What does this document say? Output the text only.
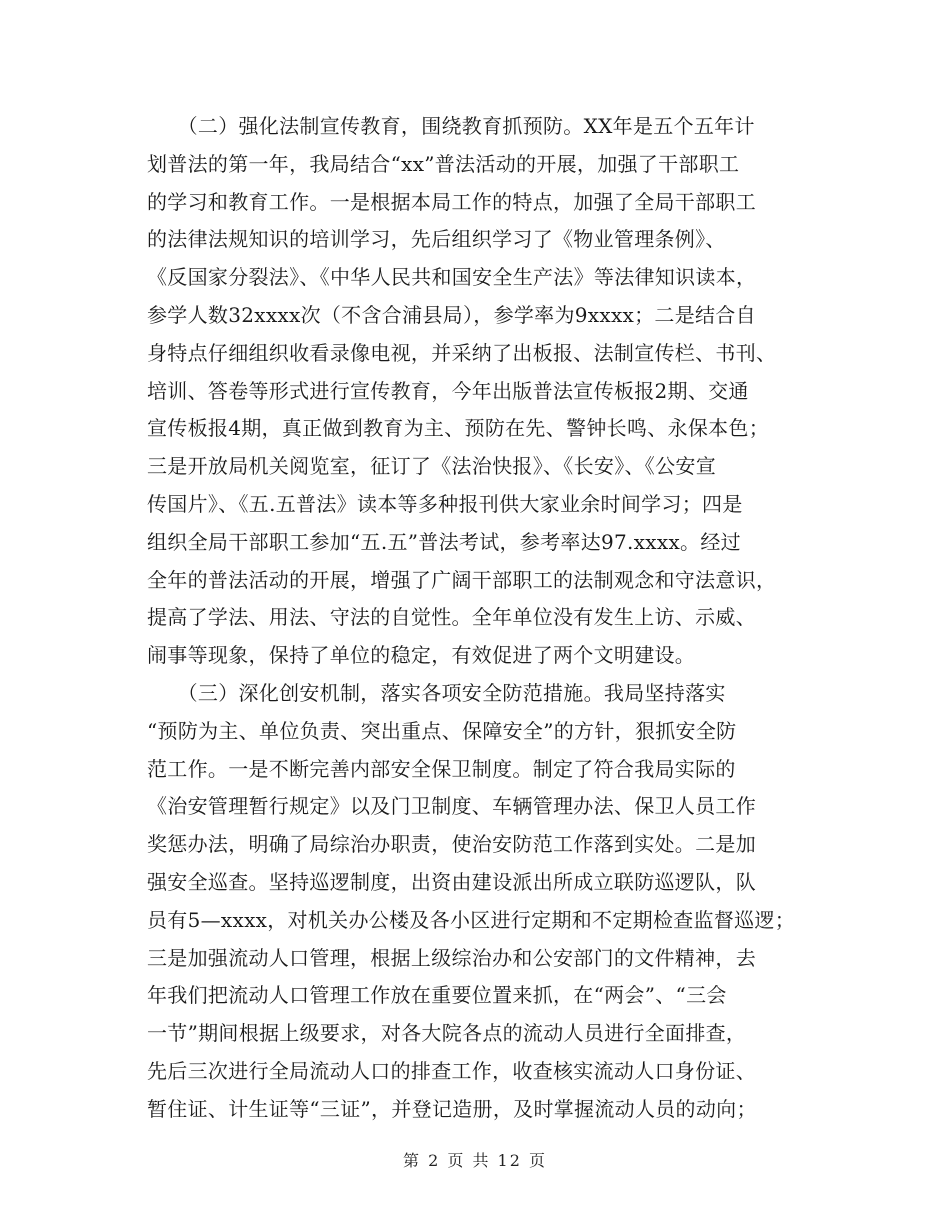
　　（二）强化法制宣传教育，围绕教育抓预防。XX年是五个五年计
划普法的第一年，我局结合“xx”普法活动的开展，加强了干部职工
的学习和教育工作。一是根据本局工作的特点，加强了全局干部职工
的法律法规知识的培训学习，先后组织学习了《物业管理条例》、
《反国家分裂法》、《中华人民共和国安全生产法》等法律知识读本，
参学人数32xxxx次（不含合浦县局），参学率为9xxxx；二是结合自
身特点仔细组织收看录像电视，并采纳了出板报、法制宣传栏、书刊、
培训、答卷等形式进行宣传教育，今年出版普法宣传板报2期、交通
宣传板报4期，真正做到教育为主、预防在先、警钟长鸣、永保本色；
三是开放局机关阅览室，征订了《法治快报》、《长安》、《公安宣
传国片》、《五.五普法》读本等多种报刊供大家业余时间学习；四是
组织全局干部职工参加“五.五”普法考试，参考率达97.xxxx。经过
全年的普法活动的开展，增强了广阔干部职工的法制观念和守法意识，
提高了学法、用法、守法的自觉性。全年单位没有发生上访、示威、
闹事等现象，保持了单位的稳定，有效促进了两个文明建设。
　　（三）深化创安机制，落实各项安全防范措施。我局坚持落实
“预防为主、单位负责、突出重点、保障安全”的方针，狠抓安全防
范工作。一是不断完善内部安全保卫制度。制定了符合我局实际的
《治安管理暂行规定》以及门卫制度、车辆管理办法、保卫人员工作
奖惩办法，明确了局综治办职责，使治安防范工作落到实处。二是加
强安全巡查。坚持巡逻制度，出资由建设派出所成立联防巡逻队，队
员有5—xxxx，对机关办公楼及各小区进行定期和不定期检查监督巡逻；
三是加强流动人口管理，根据上级综治办和公安部门的文件精神，去
年我们把流动人口管理工作放在重要位置来抓，在“两会”、“三会
一节”期间根据上级要求，对各大院各点的流动人员进行全面排查，
先后三次进行全局流动人口的排查工作，收查核实流动人口身份证、
暂住证、计生证等“三证”，并登记造册，及时掌握流动人员的动向；
第 2 页 共 12 页
